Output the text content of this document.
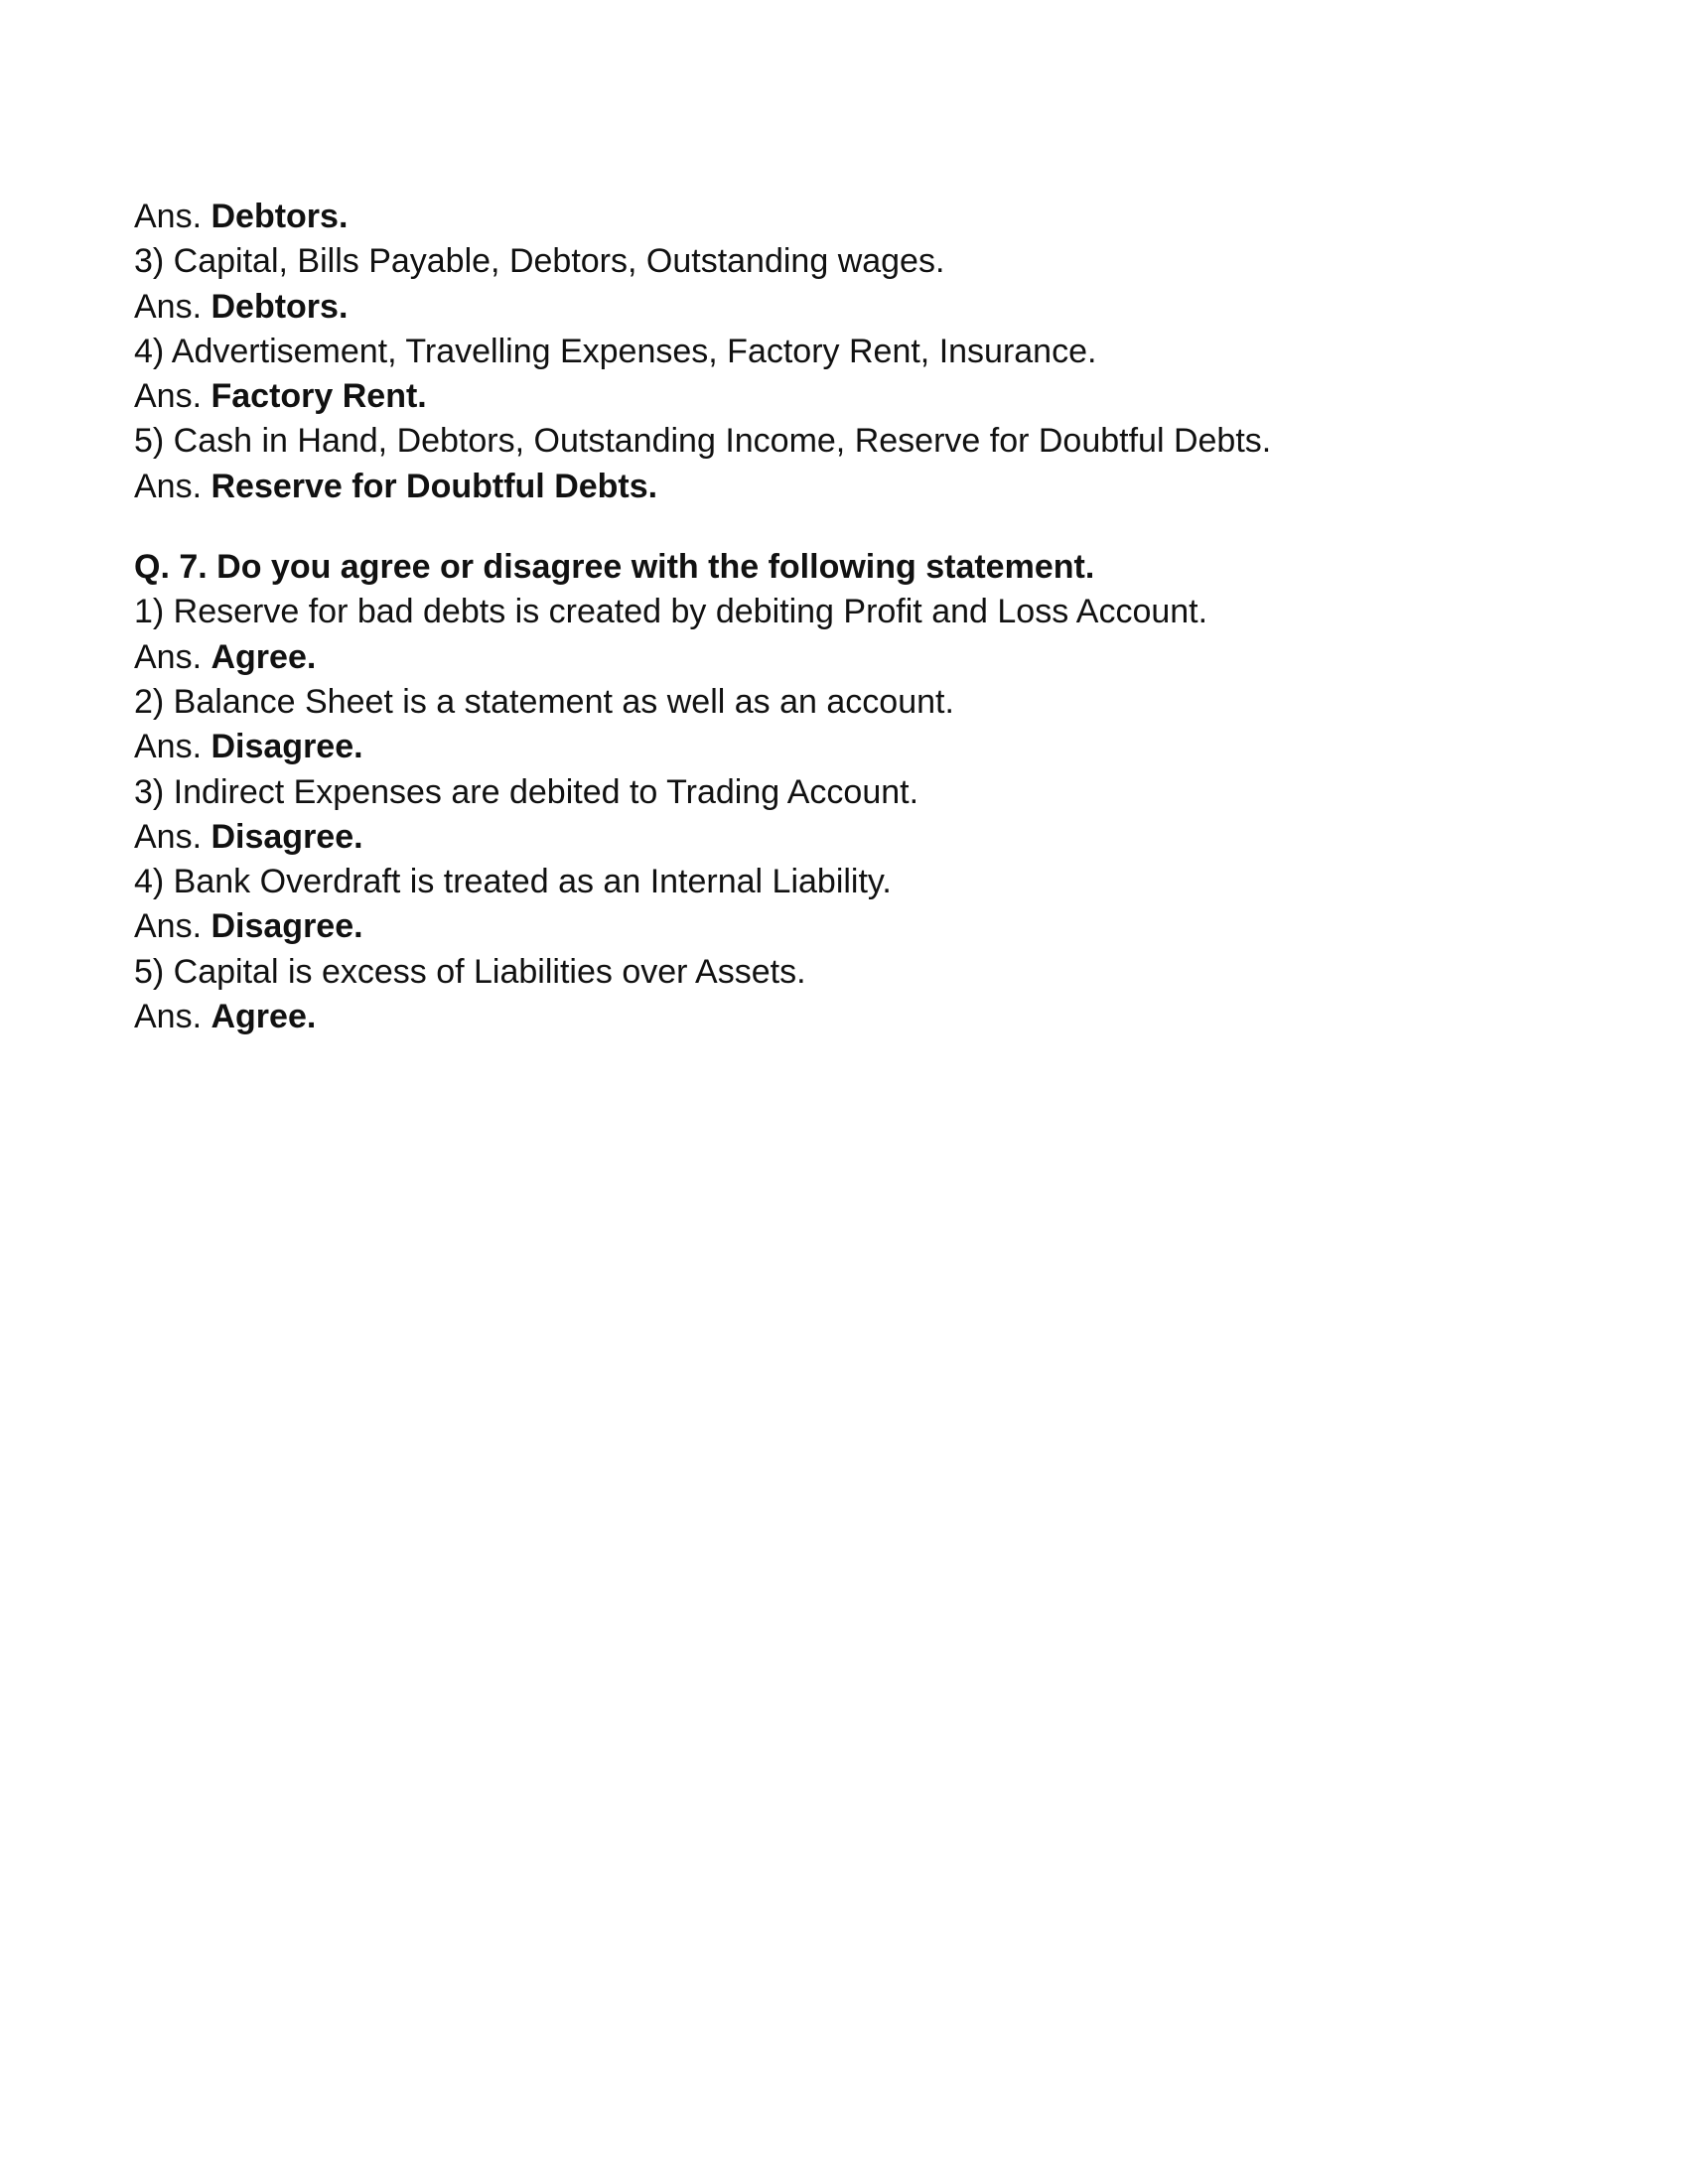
Ans. Debtors.
3) Capital, Bills Payable, Debtors, Outstanding wages.
Ans. Debtors.
4) Advertisement, Travelling Expenses, Factory Rent, Insurance.
Ans. Factory Rent.
5) Cash in Hand, Debtors, Outstanding Income, Reserve for Doubtful Debts.
Ans. Reserve for Doubtful Debts.
Q. 7. Do you agree or disagree with the following statement.
1) Reserve for bad debts is created by debiting Profit and Loss Account.
Ans. Agree.
2) Balance Sheet is a statement as well as an account.
Ans. Disagree.
3) Indirect Expenses are debited to Trading Account.
Ans. Disagree.
4) Bank Overdraft is treated as an Internal Liability.
Ans. Disagree.
5) Capital is excess of Liabilities over Assets.
Ans. Agree.
